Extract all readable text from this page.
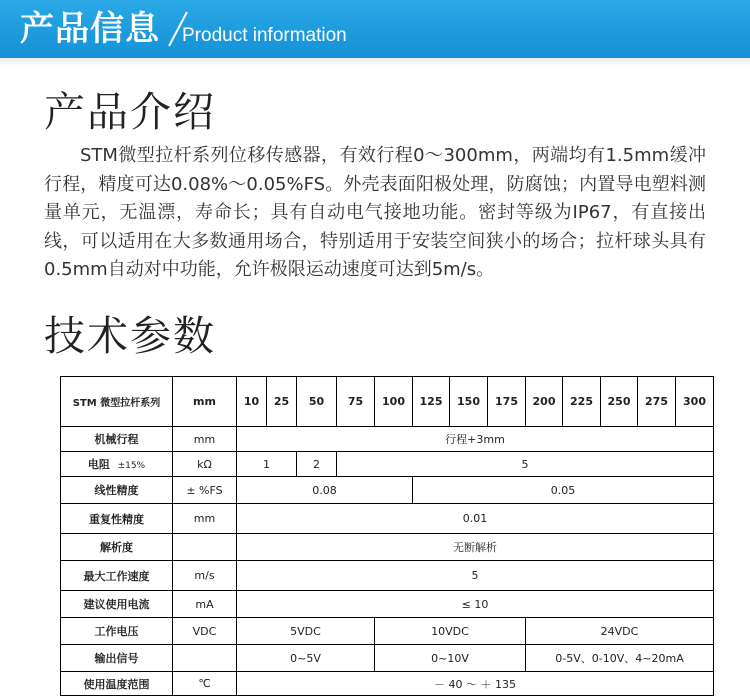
产品信息 Product information
产品介绍

STM微型拉杆系列位移传感器，有效行程0～300mm，两端均有1.5mm缓冲行程，精度可达0.08%～0.05%FS。外壳表面阳极处理，防腐蚀；内置导电塑料测量单元，无温漂，寿命长；具有自动电气接地功能。密封等级为IP67，有直接出线，可以适用在大多数通用场合，特别适用于安装空间狭小的场合；拉杆球头具有0.5mm自动对中功能，允许极限运动速度可达到5m/s。

技术参数
STM 微型拉杆系列	mm	10	25	50	75	100	125	150	175	200	225	250	275	300
机械行程	mm	行程+3mm												
电阻 ±15%	kΩ	1		2	5									
线性精度	± %FS	0.08					0.05							
重复性精度	mm	0.01												
解析度		无断解析												
最大工作速度	m/s	5												
建议使用电流	mA	≤ 10												
工作电压	VDC	5VDC				10VDC				24VDC				
输出信号		0~5V				0~10V				0-5V、0-10V、4~20mA				
使用温度范围	℃	－ 40 ～ ＋ 135												
